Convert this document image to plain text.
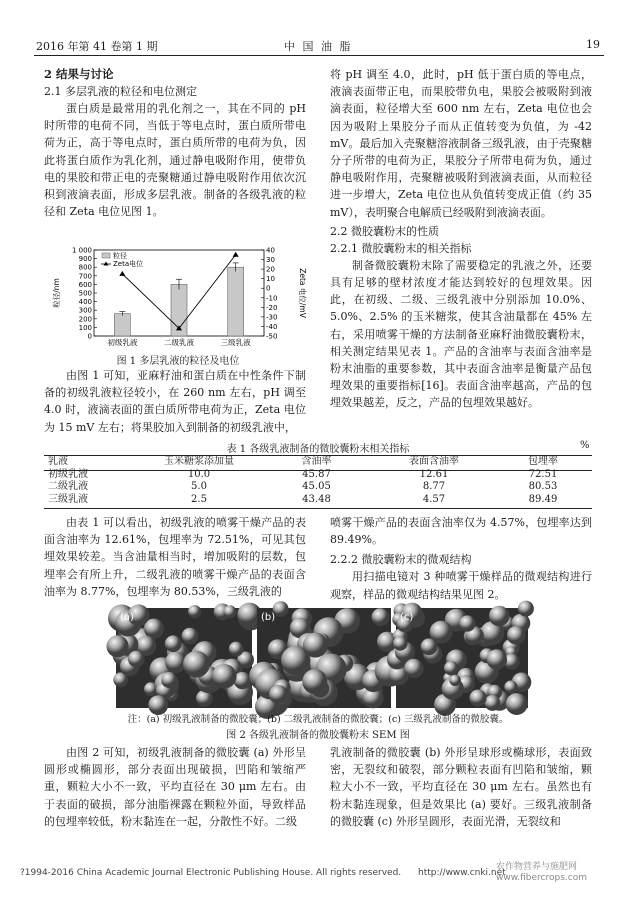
2016 年第 41 卷第 1 期	中 国 油 脂	19

2 结果与讨论

2.1 多层乳液的粒径和电位测定

蛋白质是最常用的乳化剂之一，其在不同的 pH 时所带的电荷不同，当低于等电点时，蛋白质所带电荷为正，高于等电点时，蛋白质所带的电荷为负，因此将蛋白质作为乳化剂，通过静电吸附作用，使带负电的果胶和带正电的壳聚糖通过静电吸附作用依次沉积到液滴表面，形成多层乳液。制备的各级乳液的粒径和 Zeta 电位见图 1。

0
100
200
300
400
500
600
700
800
900
1 000
-50
-40
-30
-20
-10
0
10
20
30
40
粒径/nm	Zeta 电位/mV
初级乳液	二级乳液	三级乳液
粒径
Zeta电位
图 1 多层乳液的粒径及电位

由图 1 可知，亚麻籽油和蛋白质在中性条件下制备的初级乳液粒径较小，在 260 nm 左右，pH 调至 4.0 时，液滴表面的蛋白质所带电荷为正，Zeta 电位为 15 mV 左右；将果胶加入到制备的初级乳液中，

将 pH 调至 4.0，此时，pH 低于蛋白质的等电点，液滴表面带正电，而果胶带负电，果胶会被吸附到液滴表面，粒径增大至 600 nm 左右，Zeta 电位也会因为吸附上果胶分子而从正值转变为负值，为 -42 mV。最后加入壳聚糖溶液制备三级乳液，由于壳聚糖分子所带的电荷为正，果胶分子所带电荷为负，通过静电吸附作用，壳聚糖被吸附到液滴表面，从而粒径进一步增大，Zeta 电位也从负值转变成正值（约 35 mV），表明聚合电解质已经吸附到液滴表面。

2.2 微胶囊粉末的性质

2.2.1 微胶囊粉末的相关指标

制备微胶囊粉末除了需要稳定的乳液之外，还要具有足够的壁材浓度才能达到较好的包埋效果。因此，在初级、二级、三级乳液中分别添加 10.0%、5.0%、2.5% 的玉米糖浆，使其含油量都在 45% 左右，采用喷雾干燥的方法制备亚麻籽油微胶囊粉末，相关测定结果见表 1。产品的含油率与表面含油率是粉末油脂的重要参数，其中表面含油率是衡量产品包埋效果的重要指标[16]。表面含油率越高，产品的包埋效果越差，反之，产品的包埋效果越好。

表 1 各级乳液制备的微胶囊粉末相关指标	%
乳液	玉米糖浆添加量	含油率	表面含油率	包埋率
初级乳液	10.0	45.87	12.61	72.51
二级乳液	5.0	45.05	8.77	80.53
三级乳液	2.5	43.48	4.57	89.49

由表 1 可以看出，初级乳液的喷雾干燥产品的表面含油率为 12.61%，包埋率为 72.51%，可见其包埋效果较差。当含油量相当时，增加吸附的层数，包埋率会有所上升，二级乳液的喷雾干燥产品的表面含油率为 8.77%，包埋率为 80.53%，三级乳液的

喷雾干燥产品的表面含油率仅为 4.57%，包埋率达到 89.49%。

2.2.2 微胶囊粉末的微观结构

用扫描电镜对 3 种喷雾干燥样品的微观结构进行观察，样品的微观结构结果见图 2。

(a)	(b)	(c)
注：(a) 初级乳液制备的微胶囊；(b) 二级乳液制备的微胶囊；(c) 三级乳液制备的微胶囊。
图 2 各级乳液制备的微胶囊粉末 SEM 图

由图 2 可知，初级乳液制备的微胶囊 (a) 外形呈圆形或椭圆形，部分表面出现破损，凹陷和皱缩严重，颗粒大小不一致，平均直径在 30 μm 左右。由于表面的破损，部分油脂裸露在颗粒外面，导致样品的包埋率较低，粉末黏连在一起，分散性不好。二级

乳液制备的微胶囊 (b) 外形呈球形或椭球形，表面致密，无裂纹和破裂，部分颗粒表面有凹陷和皱缩，颗粒大小不一致，平均直径在 30 μm 左右。虽然也有粉末黏连现象，但是效果比 (a) 要好。三级乳液制备的微胶囊 (c) 外形呈圆形，表面光滑，无裂纹和

?1994-2016 China Academic Journal Electronic Publishing House. All rights reserved. http://www.cnki.net
农作物营养与施肥网 www.fibercrops.com
